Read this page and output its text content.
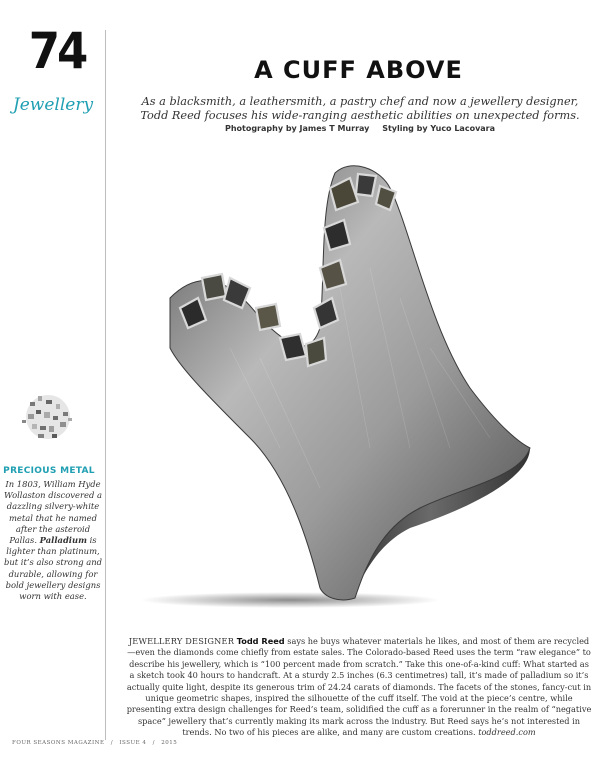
74
Jewellery
A CUFF ABOVE
As a blacksmith, a leathersmith, a pastry chef and now a jewellery designer,
Todd Reed focuses his wide-ranging aesthetic abilities on unexpected forms.
Photography by James T Murray Styling by Yuco Lacovara
PRECIOUS METAL
In 1803, William Hyde Wollaston discovered a dazzling silvery-white metal that he named after the asteroid Pallas. Palladium is lighter than platinum, but it’s also strong and durable, allowing for bold jewellery designs worn with ease.
JEWELLERY DESIGNER Todd Reed says he buys whatever materials he likes, and most of them are recycled—even the diamonds come chiefly from estate sales. The Colorado-based Reed uses the term “raw elegance” to describe his jewellery, which is “100 percent made from scratch.” Take this one-of-a-kind cuff: What started as a sketch took 40 hours to handcraft. At a sturdy 2.5 inches (6.3 centimetres) tall, it’s made of palladium so it’s actually quite light, despite its generous trim of 24.24 carats of diamonds. The facets of the stones, fancy-cut in unique geometric shapes, inspired the silhouette of the cuff itself. The void at the piece’s centre, while presenting extra design challenges for Reed’s team, solidified the cuff as a forerunner in the realm of “negative space” jewellery that’s currently making its mark across the industry. But Reed says he’s not interested in trends. No two of his pieces are alike, and many are custom creations. toddreed.com
FOUR SEASONS MAGAZINE / ISSUE 4 / 2015
